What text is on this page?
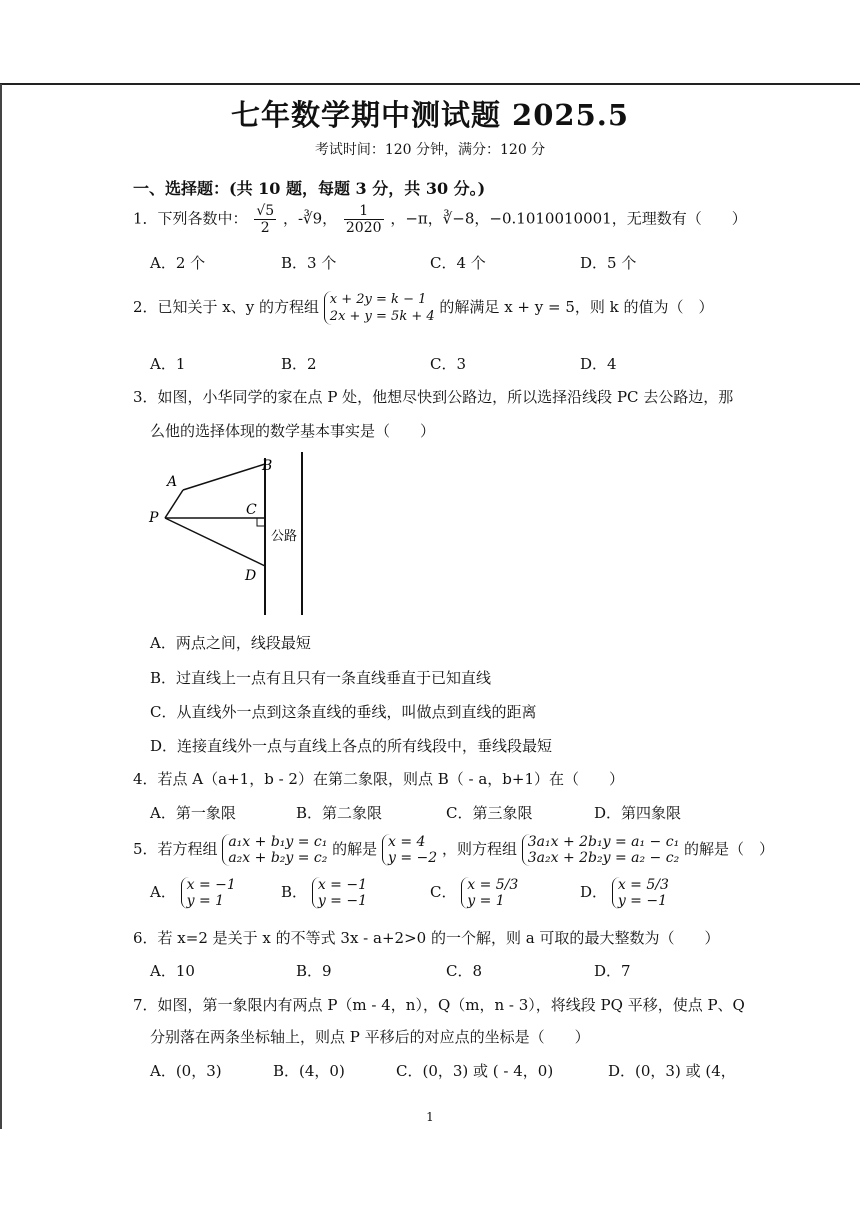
七年数学期中测试题 2025.5
考试时间：120 分钟，满分：120 分
一、选择题：(共 10 题，每题 3 分，共 30 分。)
1．下列各数中： $\frac{√5}{2}$ ，-∛9， $\frac{1}{2020}$ ，−π，∛−8，−0.1010010001，无理数有（　　）
A．2 个	B．3 个	C．4 个	D．5 个
2．已知关于 x、y 的方程组 x + 2y = k − 1
2x + y = 5k + 4
的解满足 x + y = 5，则 k 的值为（　）
A．1	B．2	C．3	D．4
3．如图，小华同学的家在点 P 处，他想尽快到公路边，所以选择沿线段 PC 去公路边，那
么他的选择体现的数学基本事实是（　　）
A
B
C
D
P
公路
A．两点之间，线段最短
B．过直线上一点有且只有一条直线垂直于已知直线
C．从直线外一点到这条直线的垂线，叫做点到直线的距离
D．连接直线外一点与直线上各点的所有线段中，垂线段最短
4．若点 A（a+1，b - 2）在第二象限，则点 B（ - a，b+1）在（　　）
A．第一象限	B．第二象限	C．第三象限	D．第四象限
5．若方程组 a₁x + b₁y = c₁
a₂x + b₂y = c₂ 的解是 x = 4
y = −2 ，则方程组 3a₁x + 2b₁y = a₁ − c₁
3a₂x + 2b₂y = a₂ − c₂ 的解是（　）
A． x = −1
y = 1	B． x = −1
y = −1	C． x = 5/3
y = 1	D． x = 5/3
y = −1
6．若 x=2 是关于 x 的不等式 3x - a+2>0 的一个解，则 a 可取的最大整数为（　　）
A．10	B．9	C．8	D．7
7．如图，第一象限内有两点 P（m - 4，n），Q（m，n - 3），将线段 PQ 平移，使点 P、Q
分别落在两条坐标轴上，则点 P 平移后的对应点的坐标是（　　）
A．(0，3)	B．(4，0)	C．(0，3) 或 ( - 4，0)	D．(0，3) 或 (4，
1
